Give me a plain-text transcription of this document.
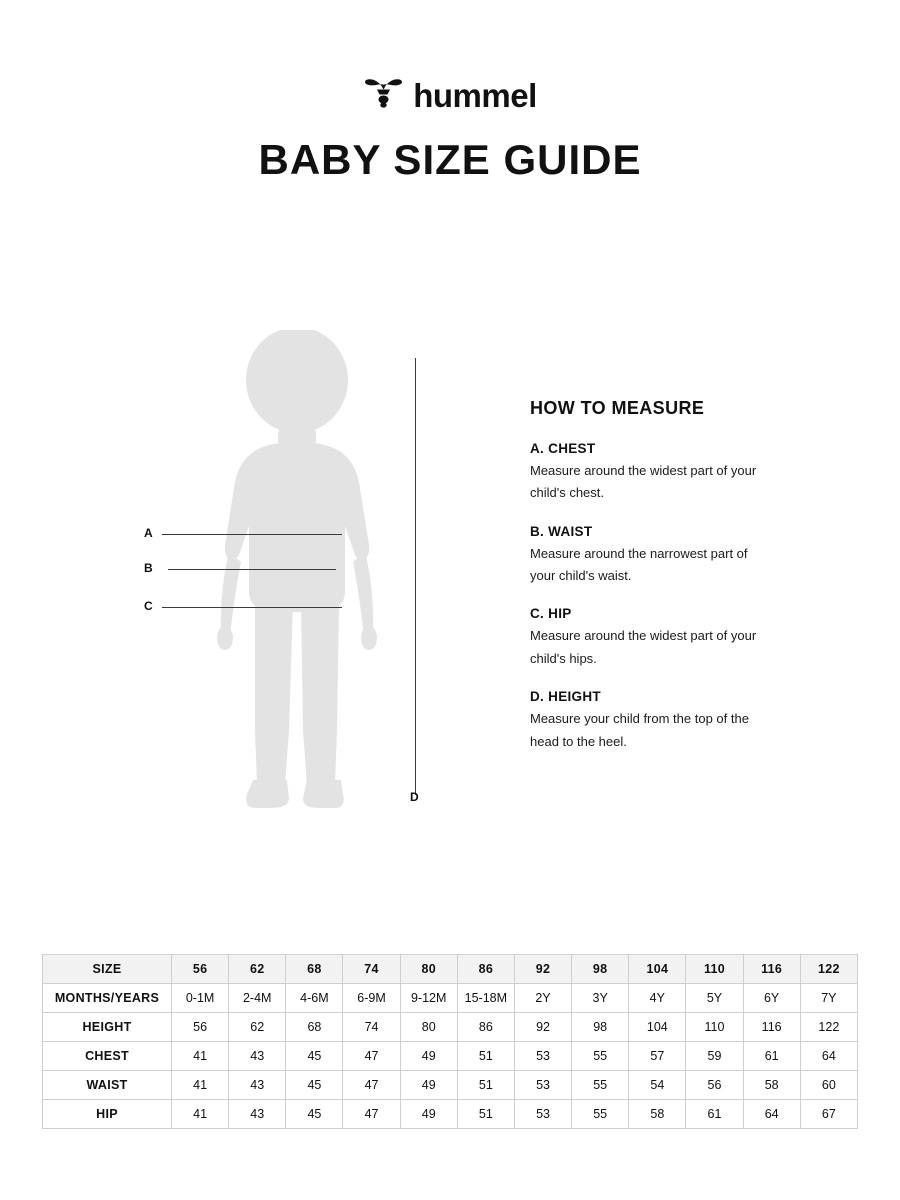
hummel
BABY SIZE GUIDE
A
B
C
D
HOW TO MEASURE
A. CHEST
Measure around the widest part of your child's chest.
B. WAIST
Measure around the narrowest part of your child's waist.
C. HIP
Measure around the widest part of your child's hips.
D. HEIGHT
Measure your child from the top of the head to the heel.
SIZE	56	62	68	74	80	86	92	98	104	110	116	122
MONTHS/YEARS	0-1M	2-4M	4-6M	6-9M	9-12M	15-18M	2Y	3Y	4Y	5Y	6Y	7Y
HEIGHT	56	62	68	74	80	86	92	98	104	110	116	122
CHEST	41	43	45	47	49	51	53	55	57	59	61	64
WAIST	41	43	45	47	49	51	53	55	54	56	58	60
HIP	41	43	45	47	49	51	53	55	58	61	64	67
